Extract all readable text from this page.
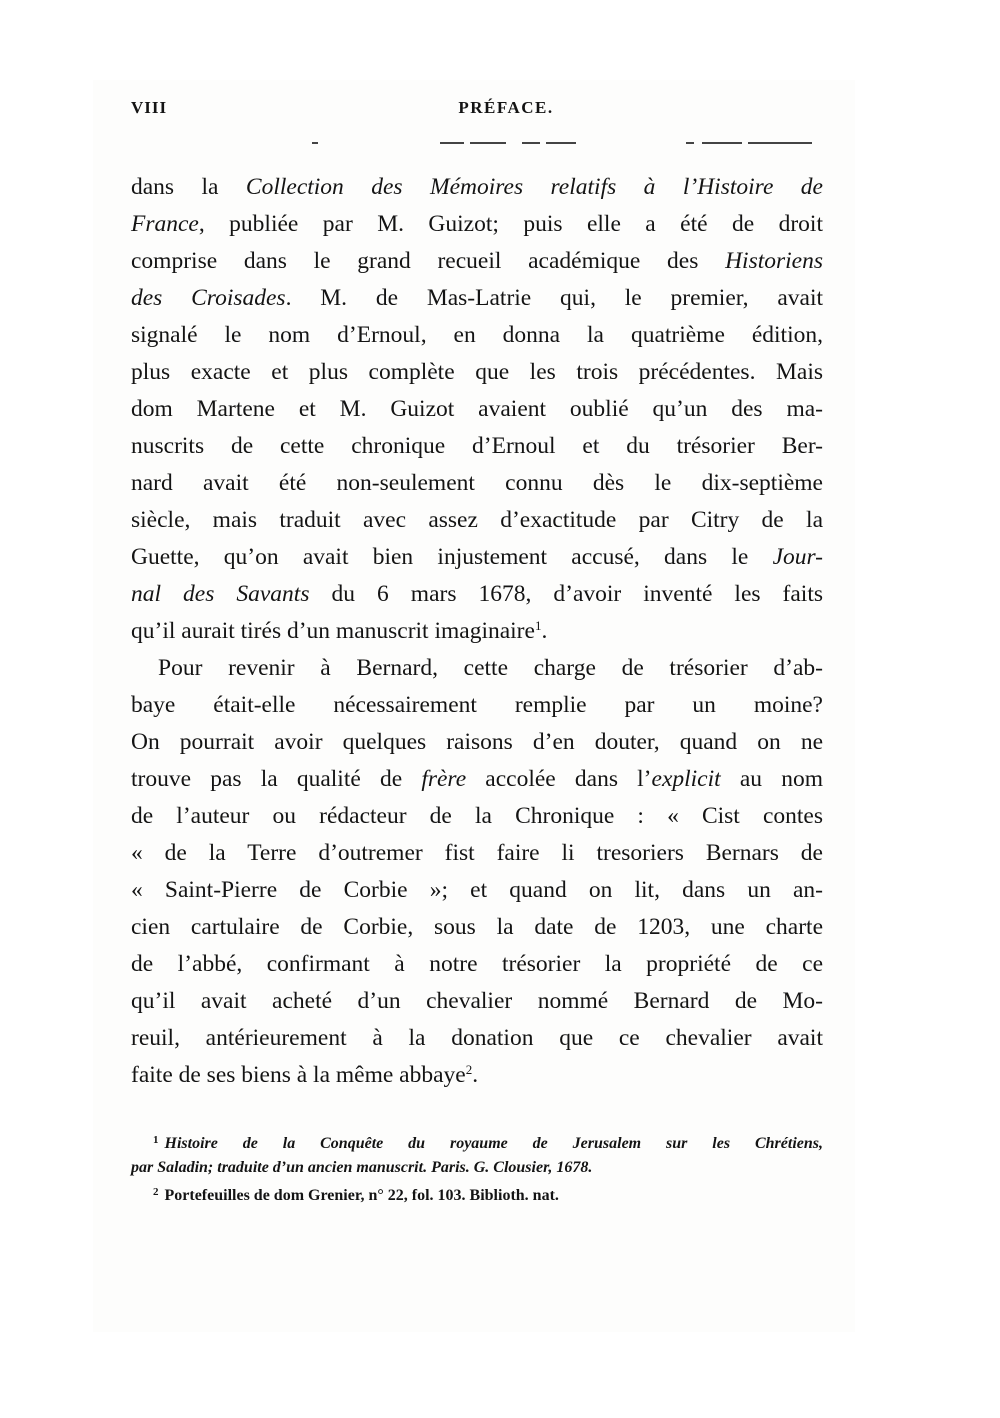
VIII	PRÉFACE.
dans la Collection des Mémoires relatifs à l’Histoire de
France, publiée par M. Guizot; puis elle a été de droit
comprise dans le grand recueil académique des Historiens
des Croisades. M. de Mas-Latrie qui, le premier, avait
signalé le nom d’Ernoul, en donna la quatrième édition,
plus exacte et plus complète que les trois précédentes. Mais
dom Martene et M. Guizot avaient oublié qu’un des ma-
nuscrits de cette chronique d’Ernoul et du trésorier Ber-
nard avait été non-seulement connu dès le dix-septième
siècle, mais traduit avec assez d’exactitude par Citry de la
Guette, qu’on avait bien injustement accusé, dans le Jour-
nal des Savants du 6 mars 1678, d’avoir inventé les faits
qu’il aurait tirés d’un manuscrit imaginaire$^1$.
Pour revenir à Bernard, cette charge de trésorier d’ab-
baye était-elle nécessairement remplie par un moine?
On pourrait avoir quelques raisons d’en douter, quand on ne
trouve pas la qualité de frère accolée dans l’explicit au nom
de l’auteur ou rédacteur de la Chronique : « Cist contes
« de la Terre d’outremer fist faire li tresoriers Bernars de
« Saint-Pierre de Corbie »; et quand on lit, dans un an-
cien cartulaire de Corbie, sous la date de 1203, une charte
de l’abbé, confirmant à notre trésorier la propriété de ce
qu’il avait acheté d’un chevalier nommé Bernard de Mo-
reuil, antérieurement à la donation que ce chevalier avait
faite de ses biens à la même abbaye$^2$.
$^1$ Histoire de la Conquête du royaume de Jerusalem sur les Chrétiens,
par Saladin; traduite d’un ancien manuscrit. Paris. G. Clousier, 1678.
$^2$ Portefeuilles de dom Grenier, n° 22, fol. 103. Biblioth. nat.
